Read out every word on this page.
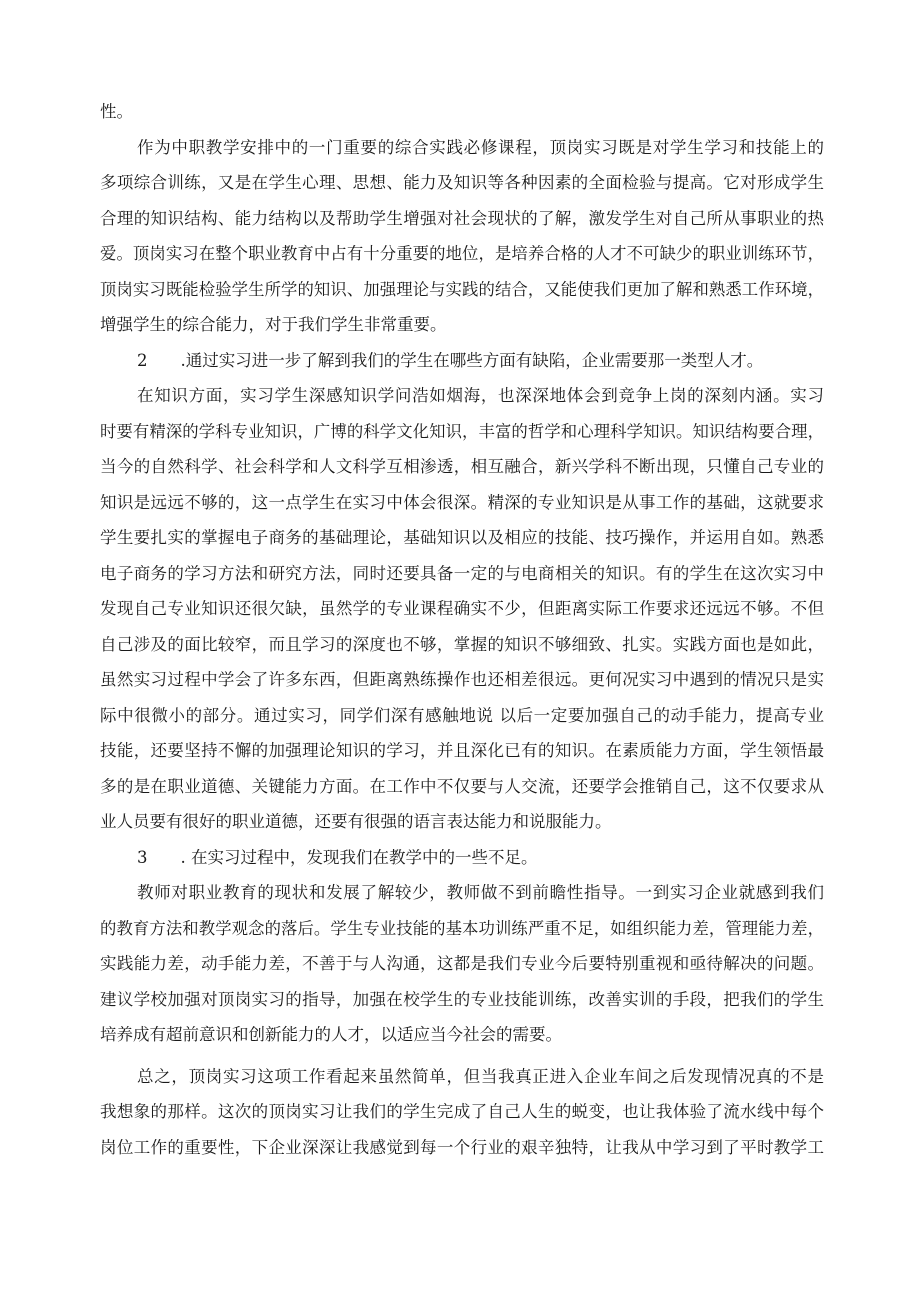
性。
作为中职教学安排中的一门重要的综合实践必修课程，顶岗实习既是对学生学习和技能上的
多项综合训练，又是在学生心理、思想、能力及知识等各种因素的全面检验与提高。它对形成学生
合理的知识结构、能力结构以及帮助学生增强对社会现状的了解，激发学生对自己所从事职业的热
爱。顶岗实习在整个职业教育中占有十分重要的地位，是培养合格的人才不可缺少的职业训练环节，
顶岗实习既能检验学生所学的知识、加强理论与实践的结合，又能使我们更加了解和熟悉工作环境，
增强学生的综合能力，对于我们学生非常重要。
2　　.通过实习进一步了解到我们的学生在哪些方面有缺陷，企业需要那一类型人才。
在知识方面，实习学生深感知识学问浩如烟海，也深深地体会到竞争上岗的深刻内涵。实习
时要有精深的学科专业知识，广博的科学文化知识，丰富的哲学和心理科学知识。知识结构要合理，
当今的自然科学、社会科学和人文科学互相渗透，相互融合，新兴学科不断出现，只懂自己专业的
知识是远远不够的，这一点学生在实习中体会很深。精深的专业知识是从事工作的基础，这就要求
学生要扎实的掌握电子商务的基础理论，基础知识以及相应的技能、技巧操作，并运用自如。熟悉
电子商务的学习方法和研究方法，同时还要具备一定的与电商相关的知识。有的学生在这次实习中
发现自己专业知识还很欠缺，虽然学的专业课程确实不少，但距离实际工作要求还远远不够。不但
自己涉及的面比较窄，而且学习的深度也不够，掌握的知识不够细致、扎实。实践方面也是如此，
虽然实习过程中学会了许多东西，但距离熟练操作也还相差很远。更何况实习中遇到的情况只是实
际中很微小的部分。通过实习，同学们深有感触地说 以后一定要加强自己的动手能力，提高专业
技能，还要坚持不懈的加强理论知识的学习，并且深化已有的知识。在素质能力方面，学生领悟最
多的是在职业道德、关键能力方面。在工作中不仅要与人交流，还要学会推销自己，这不仅要求从
业人员要有很好的职业道德，还要有很强的语言表达能力和说服能力。
3　　. 在实习过程中，发现我们在教学中的一些不足。
教师对职业教育的现状和发展了解较少，教师做不到前瞻性指导。一到实习企业就感到我们
的教育方法和教学观念的落后。学生专业技能的基本功训练严重不足，如组织能力差，管理能力差，
实践能力差，动手能力差，不善于与人沟通，这都是我们专业今后要特别重视和亟待解决的问题。
建议学校加强对顶岗实习的指导，加强在校学生的专业技能训练，改善实训的手段，把我们的学生
培养成有超前意识和创新能力的人才，以适应当今社会的需要。
总之，顶岗实习这项工作看起来虽然简单，但当我真正进入企业车间之后发现情况真的不是
我想象的那样。这次的顶岗实习让我们的学生完成了自己人生的蜕变，也让我体验了流水线中每个
岗位工作的重要性，下企业深深让我感觉到每一个行业的艰辛独特，让我从中学习到了平时教学工
